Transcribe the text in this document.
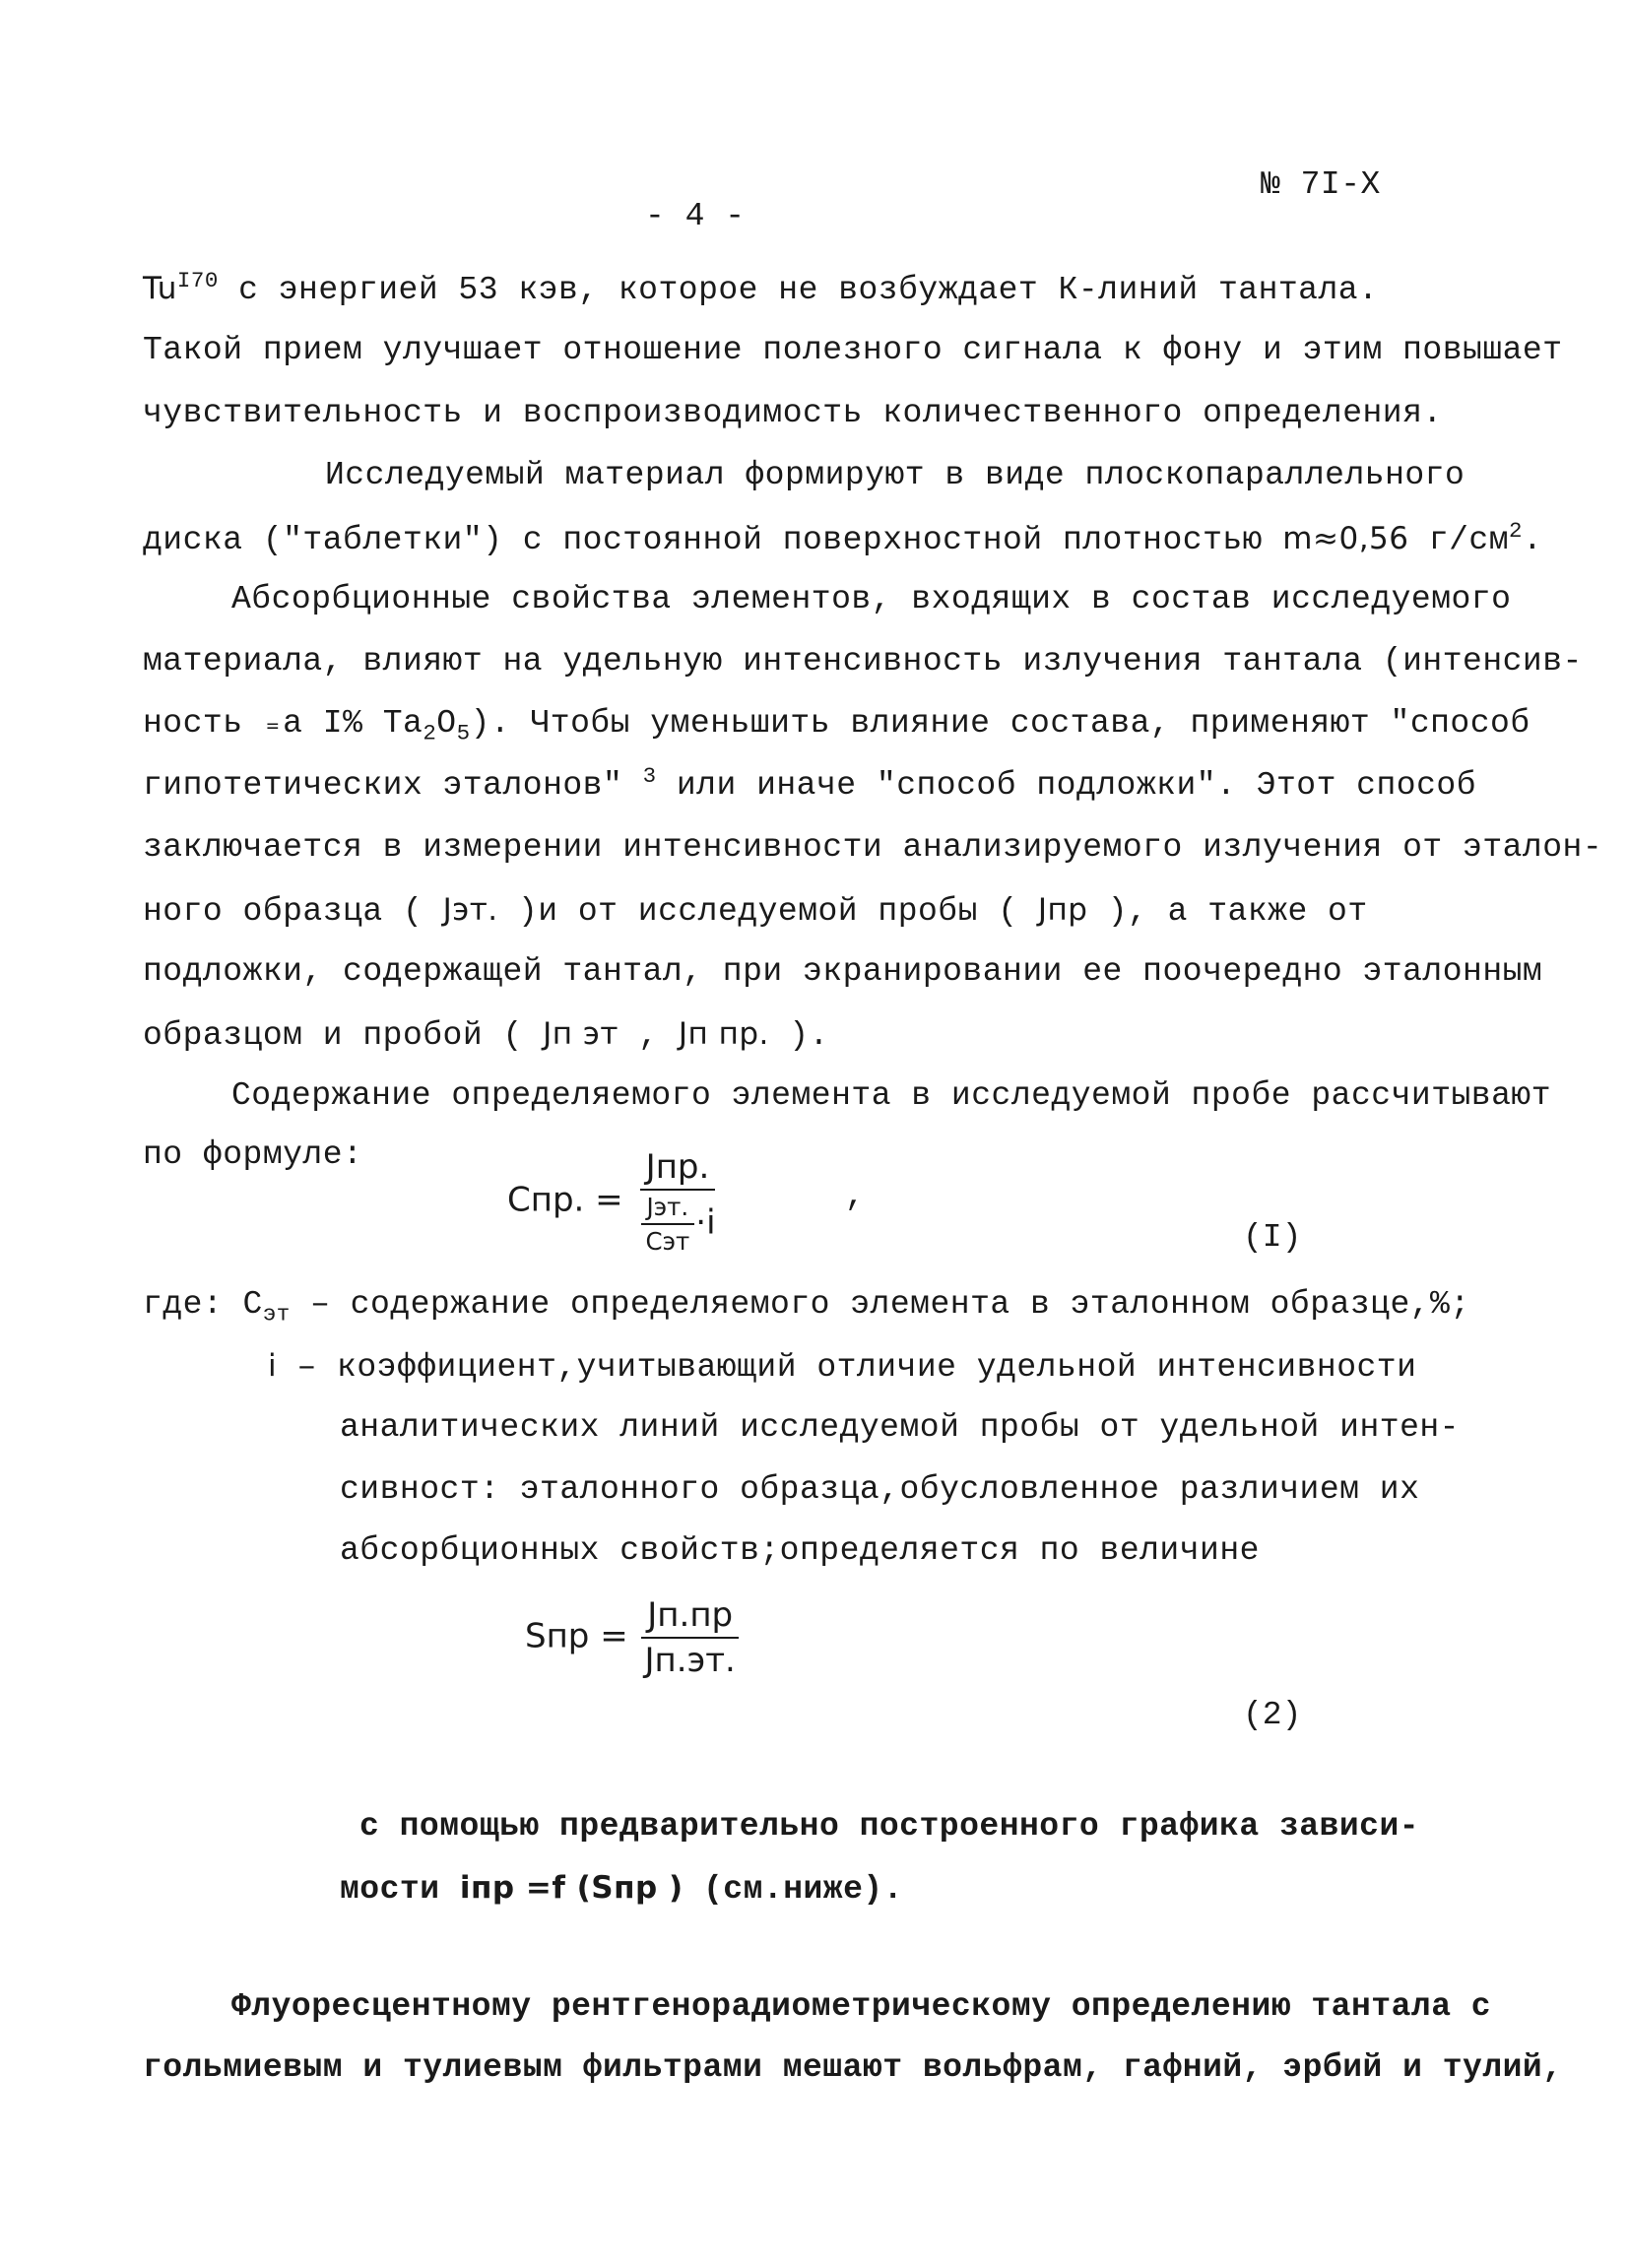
№ 7I-X
- 4 -
$Tu^{I70}$ с энергией 53 кэв, которое не возбуждает К-линий тантала.
Такой прием улучшает отношение полезного сигнала к фону и этим повышает
чувствительность и воспроизводимость количественного определения.
Исследуемый материал формируют в виде плоскопараллельного
диска ("таблетки") с постоянной поверхностной плотностью m≈0,56 $г/см^2$.
Абсорбционные свойства элементов, входящих в состав исследуемого
материала, влияют на удельную интенсивность излучения тантала (интенсив-
ность ₌а I% $Ta_2O_5$). Чтобы уменьшить влияние состава, применяют "способ
гипотетических эталонов" $^3$ или иначе "способ подложки". Этот способ
заключается в измерении интенсивности анализируемого излучения от эталон-
ного образца ( Jэт. )и от исследуемой пробы ( Jпр ), а также от
подложки, содержащей тантал, при экранировании ее поочередно эталонным
образцом и пробой ( Jп эт , Jп пр. ).
Содержание определяемого элемента в исследуемой пробе рассчитывают
по формуле:
Cпр. = $\frac{\text{Jпр.}}{\frac{\text{Jэт.}}{\text{Cэт}} \cdot i}$	,
(I)
где: $C_{эт}$ – содержание определяемого элемента в эталонном образце,%;
i – коэффициент,учитывающий отличие удельной интенсивности
аналитических линий исследуемой пробы от удельной интен-
сивност: эталонного образца,обусловленное различием их
абсорбционных свойств;определяется по величине
Sпр = $\frac{Jп.пр}{Jп.эт.}$
(2)
с помощью предварительно построенного графика зависи-
мости iпр =f (Sпр ) (см.ниже).
Флуоресцентному рентгенорадиометрическому определению тантала с
гольмиевым и тулиевым фильтрами мешают вольфрам, гафний, эрбий и тулий,
